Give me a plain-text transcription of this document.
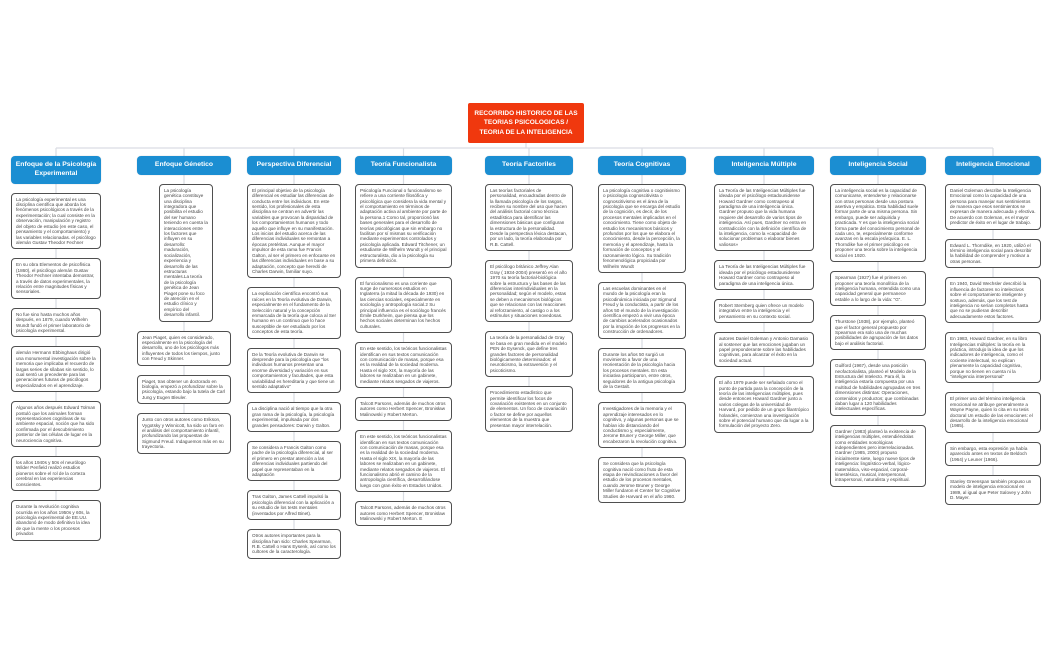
RECORRIDO HISTORICO DE LAS TEORIAS PSICOLOGICAS / TEORIA DE LA INTELIGENCIA
Enfoque de la Psicología Experimental
La psicología experimental es una disciplina científica que aborda los fenómenos psicológicos a través de la experimentación; la cual consiste en la observación, manipulación y registro del objeto de estudio (en este caso, el pensamiento y el comportamiento) y las variables relacionadas. el psicólogo alemán Gustav Theodor Fechner
En su obra Elementos de psicofísica (1860), el psicólogo alemán Gustav Theodor Fechner intentaba demostrar, a través de datos experimentales, la relación entre magnitudes físicas y sensoriales.
No fue sino hasta muchos años después, en 1879, cuando Wilhelm Wundt fundó el primer laboratorio de psicología experimental.
alemán Hermann Ebbinghaus dirigió una monumental investigación sobre la memoria que implicaba el recuerdo de largas series de sílabas sin sentido, lo cual sentó un precedente para las generaciones futuras de psicólogos especializados en el aprendizaje.
Algunos años después Edward Tolman postuló que los animales forman representaciones cognitivas de su ambiente espacial, noción que ha sido confirmada por el descubrimiento posterior de las células de lugar en la neurociencia cognitiva.
los años 1940s y 50s el neurólogo Wilder Penfield realizó estudios pioneros sobre el rol de la corteza cerebral en las experiencias conscientes.
Durante la revolución cognitiva ocurrida en los años 1950s y 60s, la psicología experimental de EE.UU. abandonó de modo definitivo la idea de que la mente o los procesos privados
Enfoque Génetico
La psicología genética constituye una disciplina integradora que posibilita el estudio del ser humano teniendo en cuenta la interacciones entre los factores que influyen en su desarrollo: maduración, socialización, experiencia y desarrollo de las estructuras mentales.La teoría de la psicología genética de Jean Piaget pone su foco de atención en el estudio clínico y empírico del desarrollo infantil.
Jean Piaget, quien es considerado, especialmente en la psicología del desarrollo, uno de los psicólogos más influyentes de todos los tiempos, junto con Freud y Skinner.
Piaget, tras obtener un doctorado en biología, empezó a profundizar sobre la psicología, estando bajo la tutela de Carl Jung y Eugen Bleuler.
Junto con otros autores como Erikson, Vygotsky y Winnicott, ha sido un faro en el análisis del comportamiento infantil, profundizando las propuestas de Sigmund Freud. Indaguemos más en su trayectoria.
Perspectiva Diferencial
El principal objetivo de la psicología diferencial es estudiar las diferencias de conducta entre los individuos. En este sentido, los profesionales de esta disciplina se centran en advertir las variables que provocan la disparidad de los comportamientos humanos y todo aquello que influye en su manifestación. Los inicios del estudio acerca de las diferencias individuales se remontan a épocas pretéritas. Aunque el mayor impulsor de esta rama fue Francis Galton, al ser el primero en enfocarse en las diferencias individuales en base a su adaptación, concepto que heredó de Charles Darwin, familiar suyo.
La explicación científica encontró sus raíces en la Teoría evolutiva de Darwin, especialmente en el fundamento de la Selección natural y la concepción enmarcada de la teoría que coloca al Ser humano en un continuo que lo hace susceptible de ser estudiado por los conceptos de esta teoría.
De la Teoría evolutiva de Darwin se desprende para la psicología que "los individuos humanos presentan una enorme diversidad y variación en sus comportamientos y facultades, que esta variabilidad es hereditaria y que tiene un sentido adaptativo"
La disciplina nació al tiempo que la otra gran rama de la psicología, la psicología experimental, impulsada por dos grandes pensadores: Darwin y Galton.
Se considera a Francis Galton como padre de la psicología diferencial, al ser el primero en prestar atención a las diferencias individuales partiendo del papel que representaban en la adaptación
Tras Galton, James Cattell impulsó la psicología diferencial con la aplicación a su estudio de los tests mentales (inventados por Alfred Binet).
Otros autores importantes para la disciplina han sido: Charles Spearman, R.B. Cattell o Hans Eysenk, así como los cultores de la caracterología.
Teoría Funcionalista
Psicología Funcional o funcionalismo se refiere a una corriente filosófica y psicológica que considera la vida mental y el comportamiento en términos de adaptación activa al ambiente por parte de la persona.1 Como tal, proporcionó las bases generales para el desarrollo de teorías psicológicas que sin embargo no facilitan por sí mismas su verificación mediante experimentos controlados y psicología aplicada. Edward Titchener, un estudiante de Wilhelm Wundt y el principal estructuralista, dio a la psicología su primera definición.
El funcionalismo es una corriente que surge de numerosos estudios en Inglaterra (a mitad la década de 1930) en las ciencias sociales, especialmente en sociología y antropología social.2 Su principal influencia es el sociólogo francés Émile Durkheim, que piensa que los hechos sociales determinan los hechos culturales.
En este sentido, los teóricos funcionalistas identifican en sus textos comunicación con comunicación de masas, porque esa es la realidad de la sociedad moderna. Hasta el siglo XIX, la mayoría de las labores se realizaban en un gabinete, mediante relatos sesgados de viajeros.
Talcott Parsons, además de muchos otros autores como Herbert Spencer, Bronisław Malinowski y Robert Merton.
En este sentido, los teóricos funcionalistas identifican en sus textos comunicación con comunicación de masas, porque esa es la realidad de la sociedad moderna. Hasta el siglo XIX, la mayoría de las labores se realizaban en un gabinete, mediante relatos sesgados de viajeros. El funcionalismo abrió el camino de la antropología científica, desarrollándose luego con gran éxito en Estados Unidos.
Talcott Parsons, además de muchos otros autores como Herbert Spencer, Bronislaw Malinowski y Robert Merton. E
Teoría Factoriles
Las teorías factoriales de personalidad, encuadradas dentro de la llamada psicología de los rasgos, reciben su nombre del uso que hacen del análisis factorial como técnica estadística para identificar las dimensiones básicas que configuran la estructura de la personalidad. Desde la perspectiva léxica destacan, por un lado, la teoría elaborada por R.B. Cattell.
El psicólogo británico Jeffrey Alan Gray ( 1934-2004) presentó en el año 1970 su teoría factorial-biológica sobre la estructura y las bases de las diferencias interindividuales en la personalidad; según el modelo, estas se deben a mecanismos biológicos que se relacionan con las reacciones al reforzamiento, al castigo o a los estímulos y situaciones novedosas.
La teoría de la personalidad de Gray se basa en gran medida en el modelo PEN de Eysenck, que define tres grandes factores de personalidad biológicamente determinados: el neuroticismo, la extraversión y el psicoticismo.
Procedimiento estadístico que permite identificar los focos de covariación existentes en un conjunto de elementos. Un foco de covariación o factor se define por aquellos elementos de la muestra que presentan mayor interrelación.
Teoría Cognitivas
La psicología cognitiva o cognitivismo o psicología cognoscitivista o cognoscitivismo es el área de la psicología que se encarga del estudio de la cognición, es decir, de los procesos mentales implicados en el conocimiento. Tiene como objeto de estudio los mecanismos básicos y profundos por los que se elabora el conocimiento, desde la percepción, la memoria y el aprendizaje, hasta la formación de conceptos y el razonamiento lógico. Su tradición fenomenológica propiciada por Wilhelm Wundt
Las escuelas dominantes en el mundo de la psicología eran la psicodinámica iniciada por Sigmund Freud y la conductista, a partir de los años 50 el mundo de la investigación científica empezó a vivir una época de cambios acelerados ocasionados por la irrupción de los progresos en la construcción de ordenadores.
Durante los años 50 surgió un movimiento a favor de una reorientación de la psicología hacia los procesos mentales. En esta iniciativa participaron, entre otros, seguidores de la antigua psicología de la Gestalt.
Investigadores de la memoria y el aprendizaje interesados en lo cognitivo, y algunas personas que se habían ido distanciando del conductismo y, especialmente, Jerome Bruner y George Miller, que encabezaron la revolución cognitiva.
Se considera que la psicología cognitiva nació como fruto de esta etapa de reivindicaciones a favor del estudio de los procesos mentales, cuando Jerome Bruner y George Miller fundaron el Center for Cognitive Studies de Harvard en el año 1960.
Inteligencia Múltiple
La Teoría de las Inteligencias Múltiples fue ideada por el psicólogo estadounidense Howard Gardner como contrapeso al paradigma de una inteligencia única. Gardner propuso que la vida humana requiere del desarrollo de varios tipos de inteligencia. Así pues, Gardner no entra en contradicción con la definición científica de la inteligencia, como la «capacidad de solucionar problemas o elaborar bienes valiosos»
La Teoría de las Inteligencias Múltiples fue ideada por el psicólogo estadounidense Howard Gardner como contrapeso al paradigma de una inteligencia única.
Robert Sternberg quien ofrece un modelo integrativo entre la inteligencia y el pensamiento en su contexto social.
autores Daniel Goleman y Antonio Damasio al sostener que las emociones jugaban un papel preponderante sobre las habilidades cognitivas, para alcanzar el éxito en la sociedad actual.
El año 1979 puede ser señalado como el punto de partida para la concepción de la teoría de las inteligencias múltiples, pues desde entonces Howard Gardner junto a varios colegas de la universidad de Harvard, por pedido de un grupo filantrópico holandés, comienzan una investigación sobre el potencial humano que da lugar a la formulación del proyecto Zero.
Inteligencia Social
La inteligencia social es la capacidad de comunicarse, entenderse y relacionarse con otras personas desde una postura asertiva y empática. Esta habilidad suele formar parte de una misma persona. Sin embargo, puede ser adquirida y practicada. Y es que la inteligencia social forma parte del conocimiento personal de cada uno, te, especialmente conforme avanzas en la escala jerárquica. E. L. Thorndike fue el primer psicólogo en proponer una teoría sobre la inteligencia social en 1920.
Spearman (1927) fue el primero en proponer una teoría monolítica de la inteligencia humana, entendida como una capacidad general que permanece estable a lo largo de la vida: "G".
Thurstone (1938), por ejemplo, planteó que el factor general propuesto por Spearman era solo una de muchas posibilidades de agrupación de los datos bajo el análisis factorial.
Guilford (1967), desde una posición neofactorialista, planteó el Modelo de la Estructura del Intelecto. Para él, la inteligencia estaría compuesta por una multitud de habilidades agrupadas en tres dimensiones distintas: Operaciones, contenidos y productos; que combinadas daban lugar a 120 habilidades intelectuales específicas.
Gardner (1983) planteó la existencia de inteligencias múltiples, entendiéndolas como entidades nosológicas independientes pero interrelacionadas. Gardner (1985, 2000) propuso inicialmente siete, luego nueve tipos de inteligencia: lingüístico-verbal, lógico-matemática, viso-espacial, corporal-kinestésica, musical, interpersonal, intrapersonal, naturalista y espiritual.
Inteligencia Emocional
Daniel Goleman describe la Inteligencia Emocional como la capacidad de una persona para manejar sus sentimientos de manera que esos sentimientos se expresan de manera adecuada y efectiva. De acuerdo con Goleman, es el mayor predictor de éxito en el lugar de trabajo.
Edward L. Thorndike, en 1920, utilizó el término inteligencia social para describir la habilidad de comprender y motivar a otras personas.
En 1940, David Wechsler describió la influencia de factores no intelectivos sobre el comportamiento inteligente y sostuvo, además, que los test de inteligencia no serían completos hasta que no se pudieran describir adecuadamente estos factores.
En 1983, Howard Gardner, en su libro Inteligencias múltiples: la teoría en la práctica, introdujo la idea de que los indicadores de inteligencia, como el cociente intelectual, no explican plenamente la capacidad cognitiva, porque no tienen en cuenta ni la "inteligencia interpersonal"
El primer uso del término inteligencia emocional se atribuye generalmente a Wayne Payne, quien lo cita en su tesis doctoral Un estudio de las emociones: el desarrollo de la inteligencia emocional (1985).
Sin embargo, esta expresión ya había aparecido antes en textos de Beldoch (1964) y Leuner (1966).
Stanley Greenspan también propuso un modelo de inteligencia emocional en 1989, al igual que Peter Salovey y John D. Mayer.
